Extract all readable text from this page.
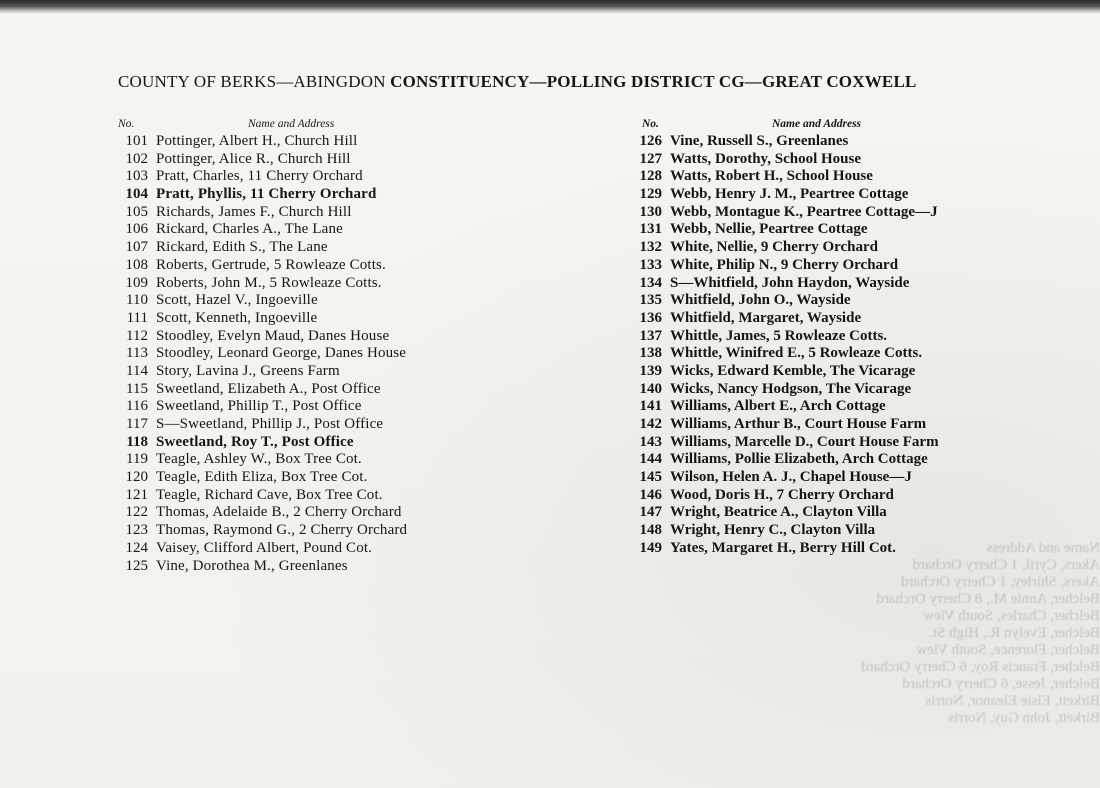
Name and Address
Akers, Cyril, 1 Cherry Orchard
Akers, Shirley, 1 Cherry Orchard
Belcher, Annie M., 8 Cherry Orchard
Belcher, Charles, South View
Belcher, Evelyn R., High St.
Belcher, Florence, South View
Belcher, Francis Roy, 6 Cherry Orchard
Belcher, Jesse, 6 Cherry Orchard
Birkett, Elsie Eleanor, Norris
Birkett, John Guy, Norris
COUNTY OF BERKS—ABINGDON CONSTITUENCY—POLLING DISTRICT CG—GREAT COXWELL
No.	Name and Address
101 Pottinger, Albert H., Church Hill
102 Pottinger, Alice R., Church Hill
103 Pratt, Charles, 11 Cherry Orchard
104 Pratt, Phyllis, 11 Cherry Orchard
105 Richards, James F., Church Hill
106 Rickard, Charles A., The Lane
107 Rickard, Edith S., The Lane
108 Roberts, Gertrude, 5 Rowleaze Cotts.
109 Roberts, John M., 5 Rowleaze Cotts.
110 Scott, Hazel V., Ingoeville
111 Scott, Kenneth, Ingoeville
112 Stoodley, Evelyn Maud, Danes House
113 Stoodley, Leonard George, Danes House
114 Story, Lavina J., Greens Farm
115 Sweetland, Elizabeth A., Post Office
116 Sweetland, Phillip T., Post Office
117 S—Sweetland, Phillip J., Post Office
118 Sweetland, Roy T., Post Office
119 Teagle, Ashley W., Box Tree Cot.
120 Teagle, Edith Eliza, Box Tree Cot.
121 Teagle, Richard Cave, Box Tree Cot.
122 Thomas, Adelaide B., 2 Cherry Orchard
123 Thomas, Raymond G., 2 Cherry Orchard
124 Vaisey, Clifford Albert, Pound Cot.
125 Vine, Dorothea M., Greenlanes
No.	Name and Address
126 Vine, Russell S., Greenlanes
127 Watts, Dorothy, School House
128 Watts, Robert H., School House
129 Webb, Henry J. M., Peartree Cottage
130 Webb, Montague K., Peartree Cottage—J
131 Webb, Nellie, Peartree Cottage
132 White, Nellie, 9 Cherry Orchard
133 White, Philip N., 9 Cherry Orchard
134 S—Whitfield, John Haydon, Wayside
135 Whitfield, John O., Wayside
136 Whitfield, Margaret, Wayside
137 Whittle, James, 5 Rowleaze Cotts.
138 Whittle, Winifred E., 5 Rowleaze Cotts.
139 Wicks, Edward Kemble, The Vicarage
140 Wicks, Nancy Hodgson, The Vicarage
141 Williams, Albert E., Arch Cottage
142 Williams, Arthur B., Court House Farm
143 Williams, Marcelle D., Court House Farm
144 Williams, Pollie Elizabeth, Arch Cottage
145 Wilson, Helen A. J., Chapel House—J
146 Wood, Doris H., 7 Cherry Orchard
147 Wright, Beatrice A., Clayton Villa
148 Wright, Henry C., Clayton Villa
149 Yates, Margaret H., Berry Hill Cot.
